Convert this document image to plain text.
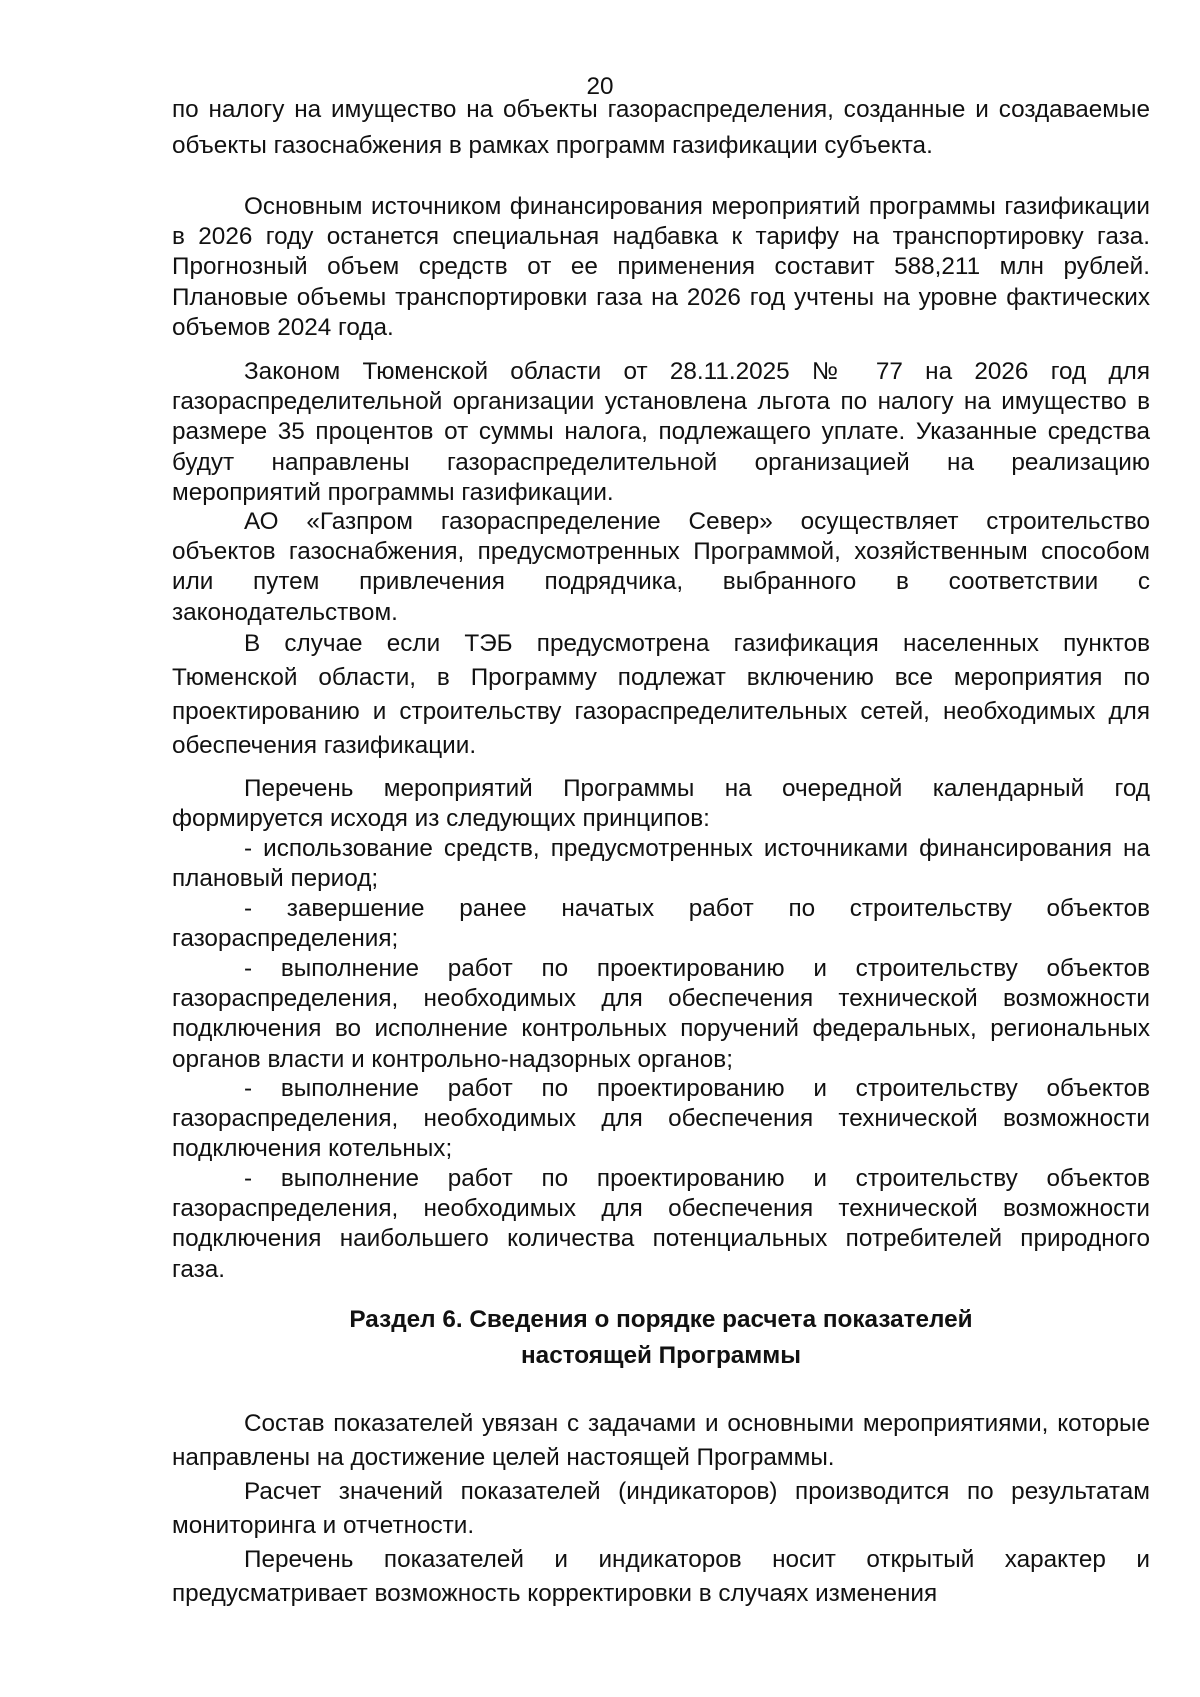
20

по налогу на имущество на объекты газораспределения, созданные и создаваемые объекты газоснабжения в рамках программ газификации субъекта.

Основным источником финансирования мероприятий программы газификации в 2026 году останется специальная надбавка к тарифу на транспортировку газа. Прогнозный объем средств от ее применения составит 588,211 млн рублей. Плановые объемы транспортировки газа на 2026 год учтены на уровне фактических объемов 2024 года.

Законом Тюменской области от 28.11.2025 № 77 на 2026 год для газораспределительной организации установлена льгота по налогу на имущество в размере 35 процентов от суммы налога, подлежащего уплате. Указанные средства будут направлены газораспределительной организацией на реализацию мероприятий программы газификации.

АО «Газпром газораспределение Север» осуществляет строительство объектов газоснабжения, предусмотренных Программой, хозяйственным способом или путем привлечения подрядчика, выбранного в соответствии с законодательством.

В случае если ТЭБ предусмотрена газификация населенных пунктов Тюменской области, в Программу подлежат включению все мероприятия по проектированию и строительству газораспределительных сетей, необходимых для обеспечения газификации.

Перечень мероприятий Программы на очередной календарный год формируется исходя из следующих принципов:

- использование средств, предусмотренных источниками финансирования на плановый период;

- завершение ранее начатых работ по строительству объектов газораспределения;

- выполнение работ по проектированию и строительству объектов газораспределения, необходимых для обеспечения технической возможности подключения во исполнение контрольных поручений федеральных, региональных органов власти и контрольно-надзорных органов;

- выполнение работ по проектированию и строительству объектов газораспределения, необходимых для обеспечения технической возможности подключения котельных;

- выполнение работ по проектированию и строительству объектов газораспределения, необходимых для обеспечения технической возможности подключения наибольшего количества потенциальных потребителей природного газа.

Раздел 6. Сведения о порядке расчета показателей
настоящей Программы

Состав показателей увязан с задачами и основными мероприятиями, которые направлены на достижение целей настоящей Программы.

Расчет значений показателей (индикаторов) производится по результатам мониторинга и отчетности.

Перечень показателей и индикаторов носит открытый характер и предусматривает возможность корректировки в случаях изменения
